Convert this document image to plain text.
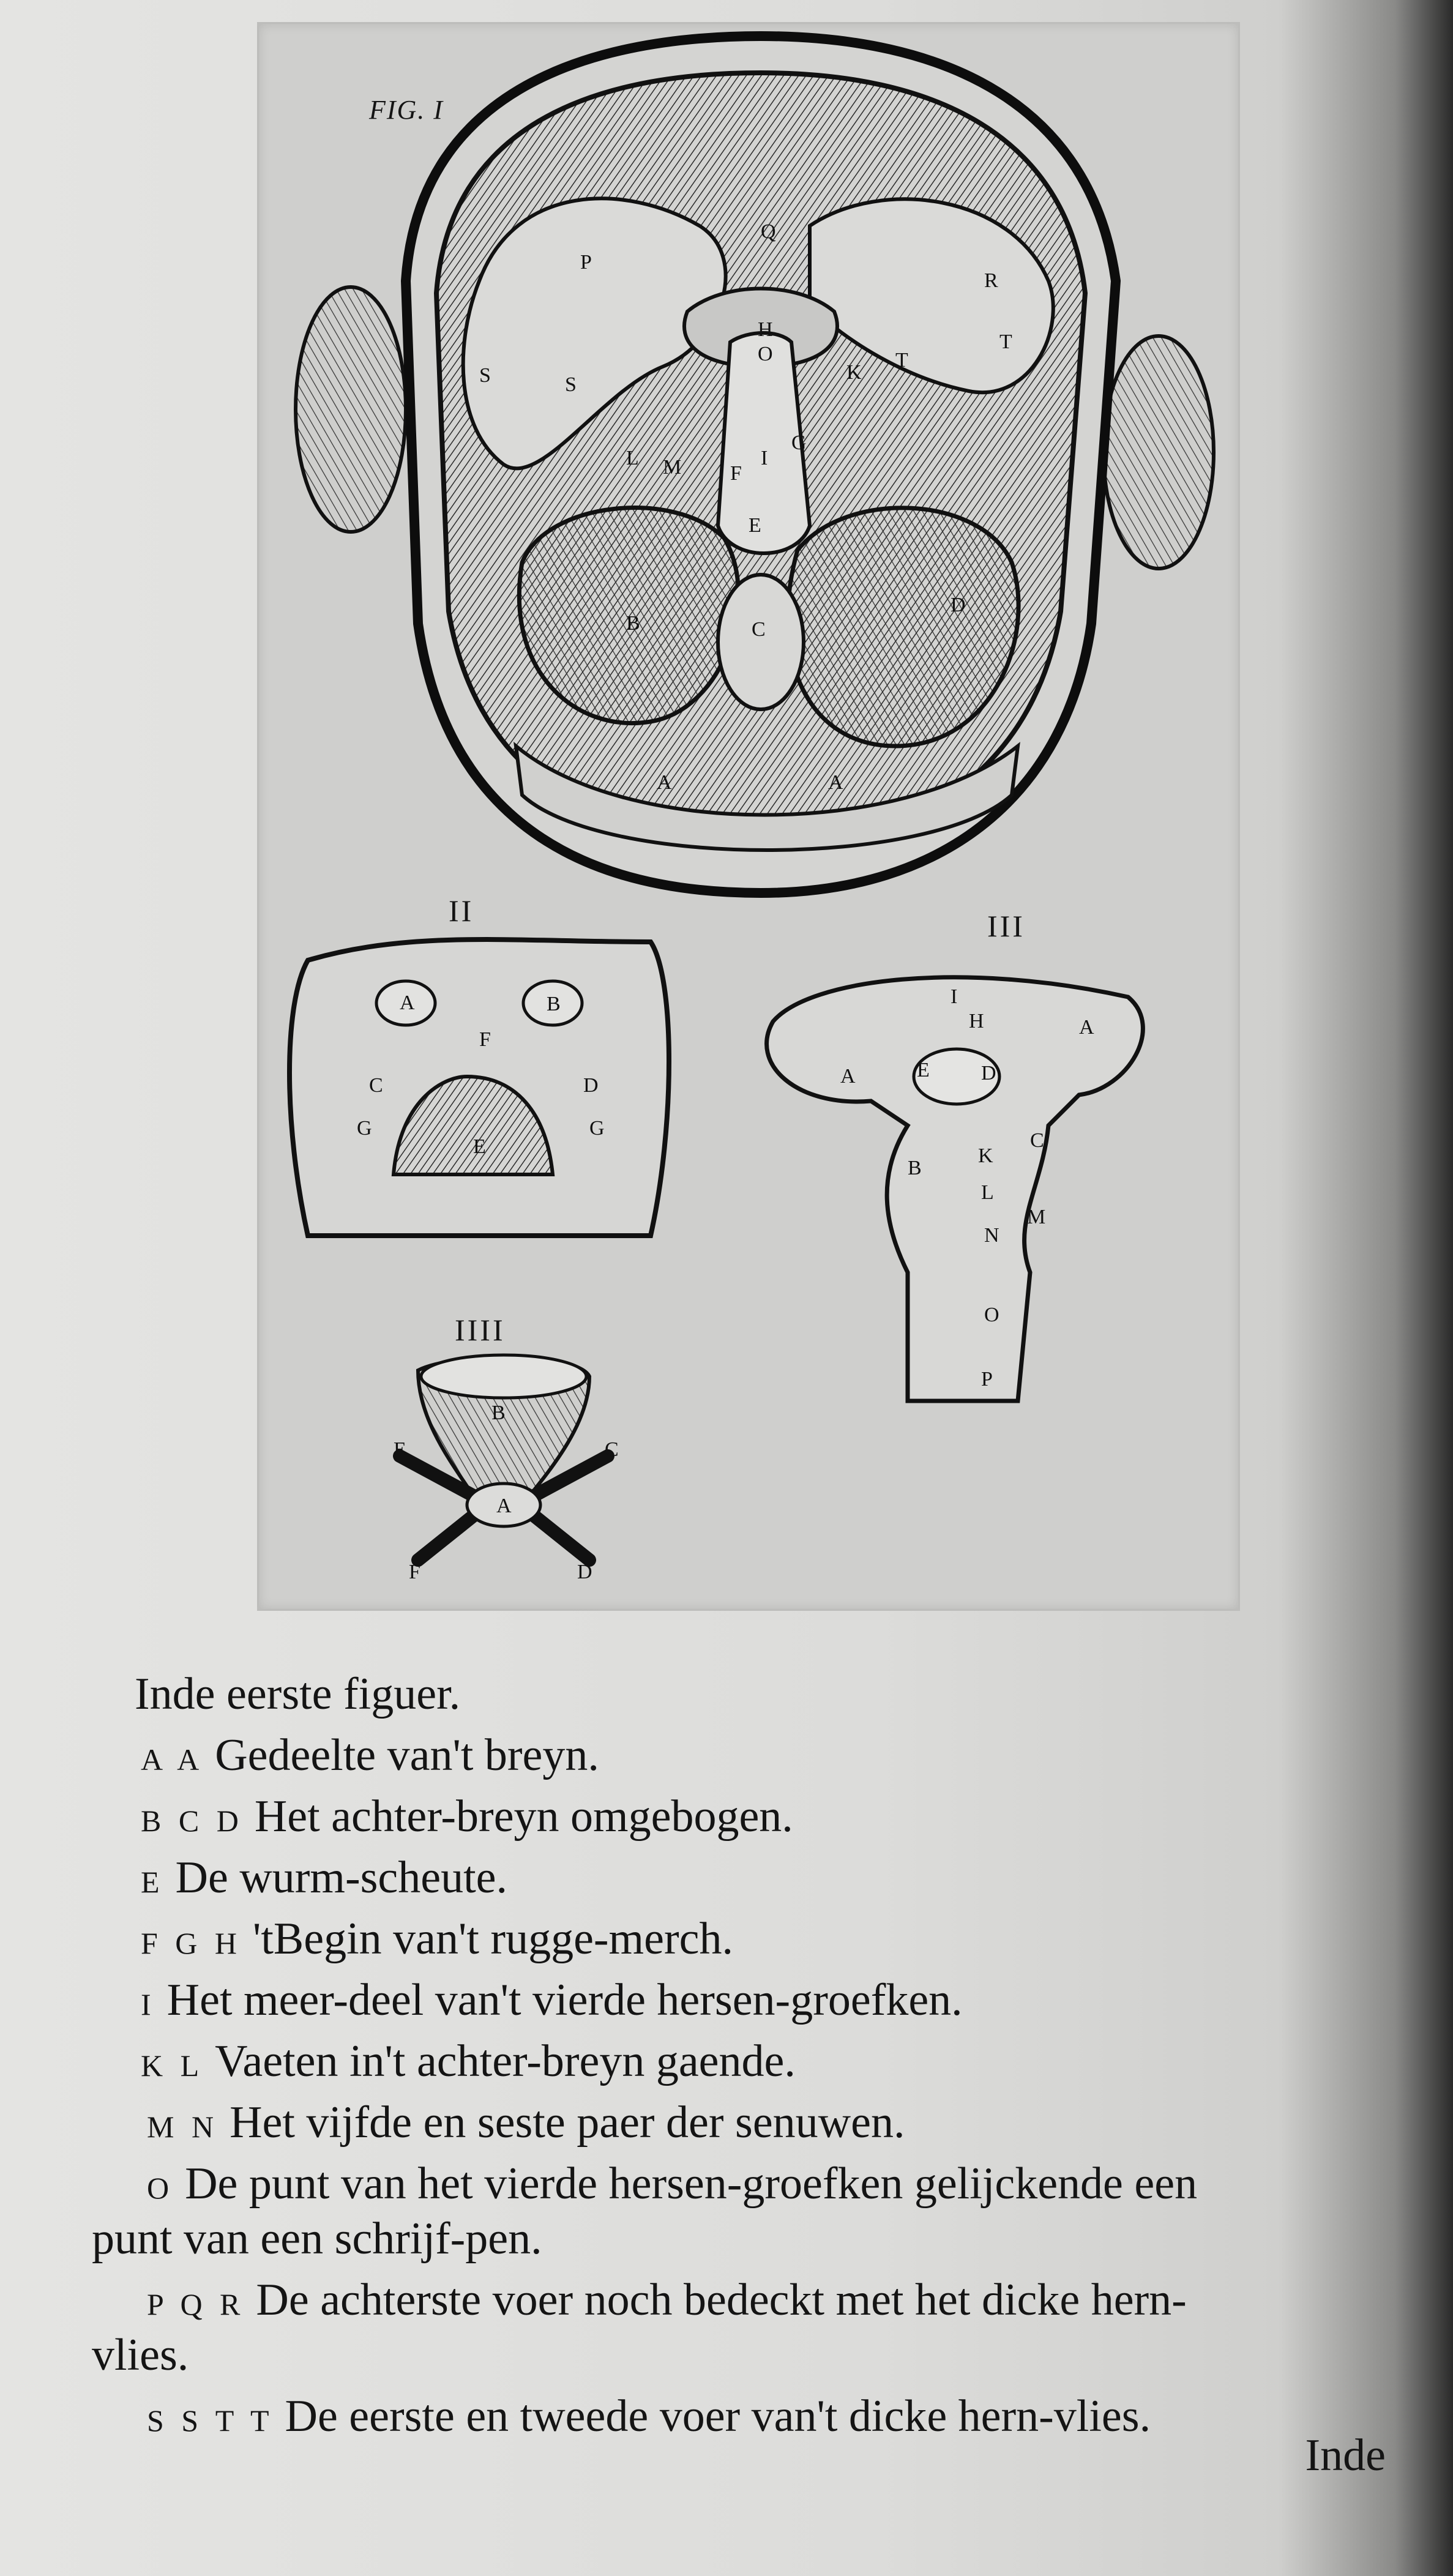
Q
P
R
S	S
H
O
K
T
T
I
G
L M F
E
B	C
D
A	A
A	B
F
C	D
G	G
E
I
H	A
A	E D
B
K
C
L
M
N
O
P
B
E	C
A
F	D
FIG. I
II	III
IIII
Inde eerste figuer.
A A Gedeelte van't breyn.
B C D Het achter-breyn omgebogen.
E De wurm-scheute.
F G H 'tBegin van't rugge-merch.
I Het meer-deel van't vierde hersen-groefken.
K L Vaeten in't achter-breyn gaende.
M N Het vijfde en seste paer der senuwen.
O De punt van het vierde hersen-groefken gelijckende een
punt van een schrijf-pen.
P Q R De achterste voer noch bedeckt met het dicke hern-
vlies.
S S T T De eerste en tweede voer van't dicke hern-vlies.
Inde
